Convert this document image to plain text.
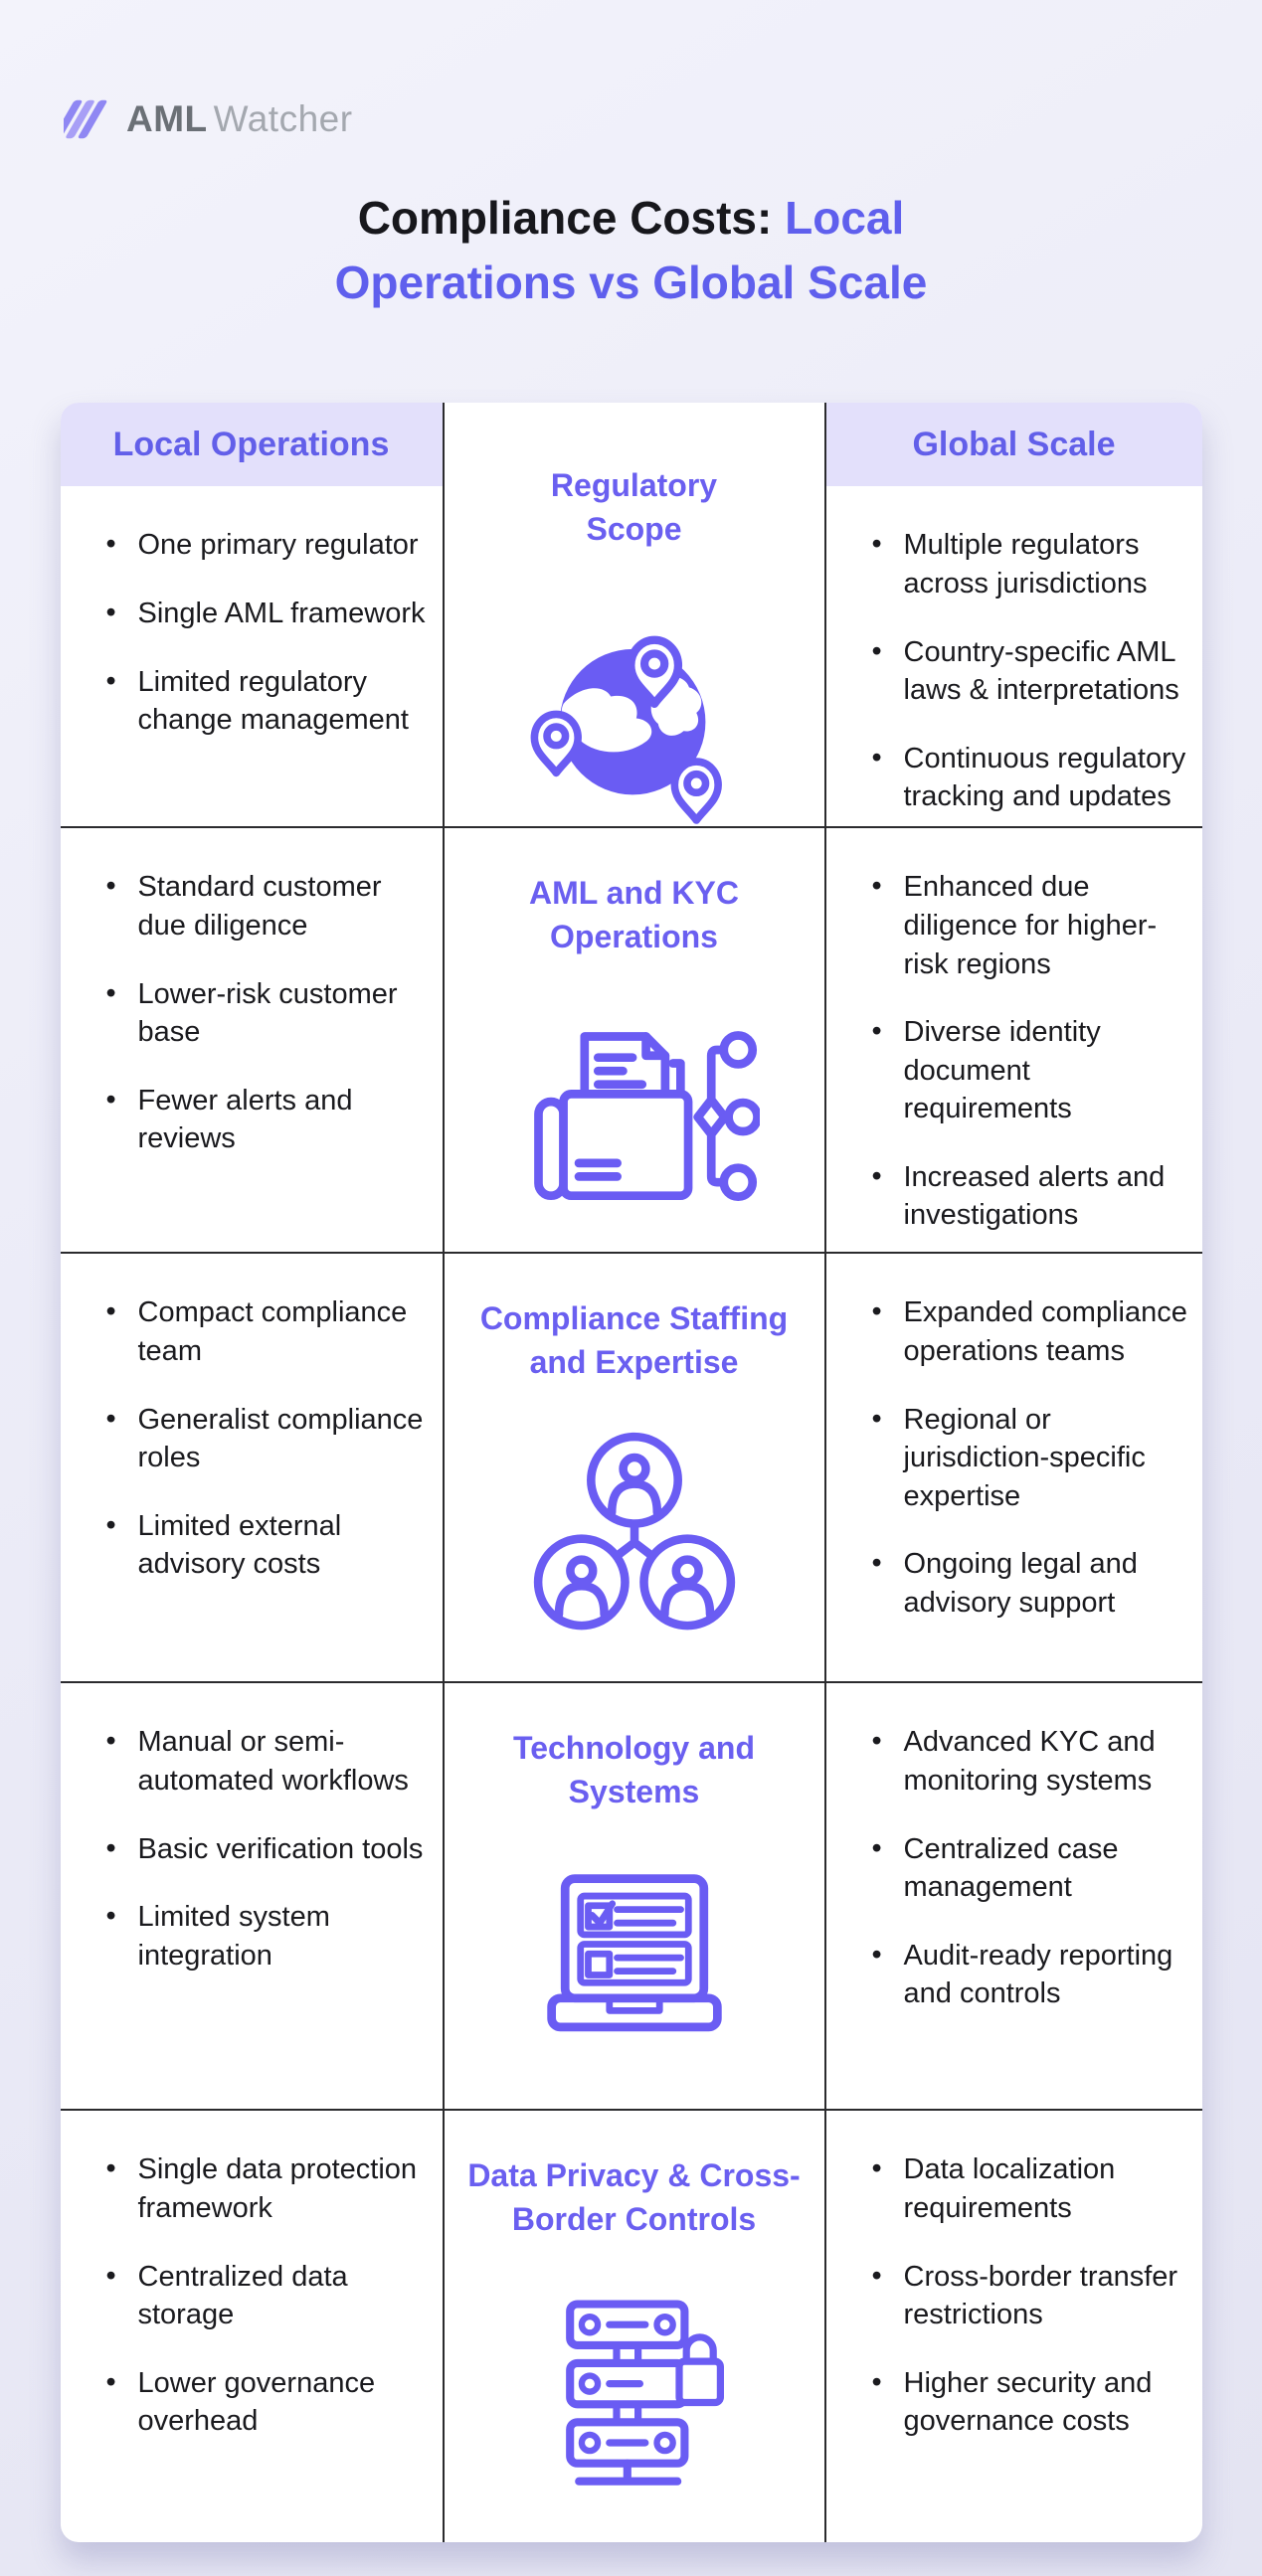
AML Watcher
Compliance Costs: Local
Operations vs Global Scale
Local Operations	Global Scale
• One primary regulator
• Single AML framework
• Limited regulatory change management
Regulatory Scope	• Multiple regulators across jurisdictions
• Country-specific AML laws & interpretations
• Continuous regulatory tracking and updates
• Standard customer due diligence
• Lower-risk customer base
• Fewer alerts and reviews
AML and KYC Operations
• Enhanced due diligence for higher-risk regions
• Diverse identity document requirements
• Increased alerts and investigations
• Compact compliance team
• Generalist compliance roles
• Limited external advisory costs
Compliance Staffing and Expertise
• Expanded compliance operations teams
• Regional or jurisdiction-specific expertise
• Ongoing legal and advisory support
• Manual or semi-automated workflows
• Basic verification tools
• Limited system integration
Technology and Systems
• Advanced KYC and monitoring systems
• Centralized case management
• Audit-ready reporting and controls
• Single data protection framework
• Centralized data storage
• Lower governance overhead
Data Privacy & Cross-Border Controls
• Data localization requirements
• Cross-border transfer restrictions
• Higher security and governance costs
